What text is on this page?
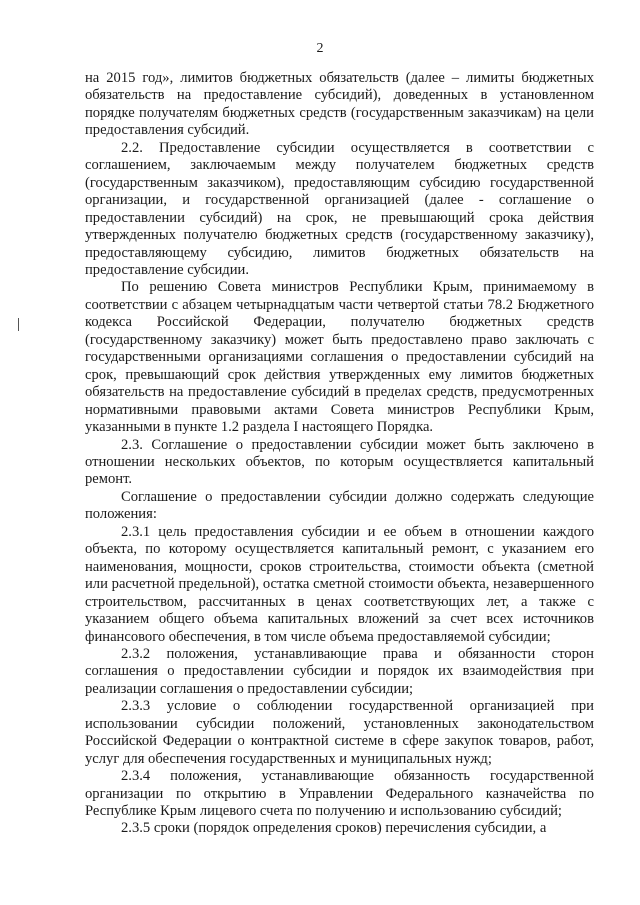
2

на 2015 год», лимитов бюджетных обязательств (далее – лимиты бюджетных обязательств на предоставление субсидий), доведенных в установленном порядке получателям бюджетных средств (государственным заказчикам) на цели предоставления субсидий.

2.2. Предоставление субсидии осуществляется в соответствии с соглашением, заключаемым между получателем бюджетных средств (государственным заказчиком), предоставляющим субсидию государственной организации, и государственной организацией (далее - соглашение о предоставлении субсидий) на срок, не превышающий срока действия утвержденных получателю бюджетных средств (государственному заказчику), предоставляющему субсидию, лимитов бюджетных обязательств на предоставление субсидии.

По решению Совета министров Республики Крым, принимаемому в соответствии с абзацем четырнадцатым части четвертой статьи 78.2 Бюджетного кодекса Российской Федерации, получателю бюджетных средств (государственному заказчику) может быть предоставлено право заключать с государственными организациями соглашения о предоставлении субсидий на срок, превышающий срок действия утвержденных ему лимитов бюджетных обязательств на предоставление субсидий в пределах средств, предусмотренных нормативными правовыми актами Совета министров Республики Крым, указанными в пункте 1.2 раздела I настоящего Порядка.

2.3. Соглашение о предоставлении субсидии может быть заключено в отношении нескольких объектов, по которым осуществляется капитальный ремонт.

Соглашение о предоставлении субсидии должно содержать следующие положения:

2.3.1 цель предоставления субсидии и ее объем в отношении каждого объекта, по которому осуществляется капитальный ремонт, с указанием его наименования, мощности, сроков строительства, стоимости объекта (сметной или расчетной предельной), остатка сметной стоимости объекта, незавершенного строительством, рассчитанных в ценах соответствующих лет, а также с указанием общего объема капитальных вложений за счет всех источников финансового обеспечения, в том числе объема предоставляемой субсидии;

2.3.2 положения, устанавливающие права и обязанности сторон соглашения о предоставлении субсидии и порядок их взаимодействия при реализации соглашения о предоставлении субсидии;

2.3.3 условие о соблюдении государственной организацией при использовании субсидии положений, установленных законодательством Российской Федерации о контрактной системе в сфере закупок товаров, работ, услуг для обеспечения государственных и муниципальных нужд;

2.3.4 положения, устанавливающие обязанность государственной организации по открытию в Управлении Федерального казначейства по Республике Крым лицевого счета по получению и использованию субсидий;

2.3.5 сроки (порядок определения сроков) перечисления субсидии, а
